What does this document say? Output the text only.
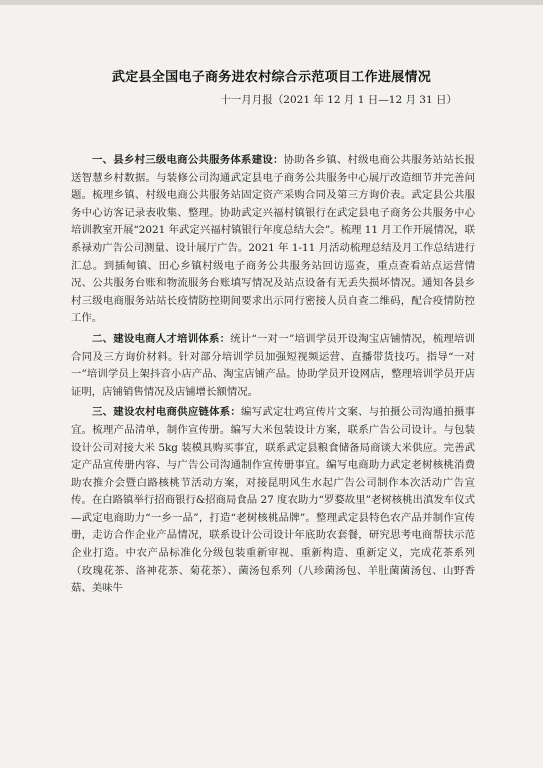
武定县全国电子商务进农村综合示范项目工作进展情况
十一月月报（2021 年 12 月 1 日—12 月 31 日）

一、县乡村三级电商公共服务体系建设：协助各乡镇、村级电商公共服务站站长报送智慧乡村数据。与装修公司沟通武定县电子商务公共服务中心展厅改造细节并完善问题。梳理乡镇、村级电商公共服务站固定资产采购合同及第三方询价表。武定县公共服务中心访客记录表收集、整理。协助武定兴福村镇银行在武定县电子商务公共服务中心培训教室开展“2021 年武定兴福村镇银行年度总结大会”。梳理 11 月工作开展情况，联系禄劝广告公司测量、设计展厅广告。2021 年 1-11 月活动梳理总结及月工作总结进行汇总。到插甸镇、田心乡镇村级电子商务公共服务站回访巡查，重点查看站点运营情况、公共服务台账和物流服务台账填写情况及站点设备有无丢失损坏情况。通知各县乡村三级电商服务站站长疫情防控期间要求出示同行密接人员自查二维码，配合疫情防控工作。

二、建设电商人才培训体系：统计“一对一”培训学员开设淘宝店铺情况，梳理培训合同及三方询价材料。针对部分培训学员加强短视频运营、直播带货技巧。指导“一对一”培训学员上架抖音小店产品、淘宝店铺产品。协助学员开设网店，整理培训学员开店证明，店铺销售情况及店铺增长额情况。

三、建设农村电商供应链体系：编写武定壮鸡宣传片文案、与拍摄公司沟通拍摄事宜。梳理产品清单，制作宣传册。编写大米包装设计方案，联系广告公司设计。与包装设计公司对接大米 5kg 装模具购买事宜，联系武定县粮食储备局商谈大米供应。完善武定产品宣传册内容、与广告公司沟通制作宣传册事宜。编写电商助力武定老树核桃消费助农推介会暨白路核桃节活动方案，对接昆明风生水起广告公司制作本次活动广告宣传。在白路镇举行招商银行&招商局食品 27 度农助力“罗婺故里”老树核桃出滇发车仪式—武定电商助力“一乡一品”，打造“老树核桃品牌”。整理武定县特色农产品并制作宣传册，走访合作企业产品情况，联系设计公司设计年底助农套餐，研究思考电商帮扶示范企业打造。中农产品标准化分级包装重新审视、重新构造、重新定义，完成花茶系列（玫瑰花茶、洛神花茶、菊花茶）、菌汤包系列（八珍菌汤包、羊肚菌菌汤包、山野香菇、美味牛
